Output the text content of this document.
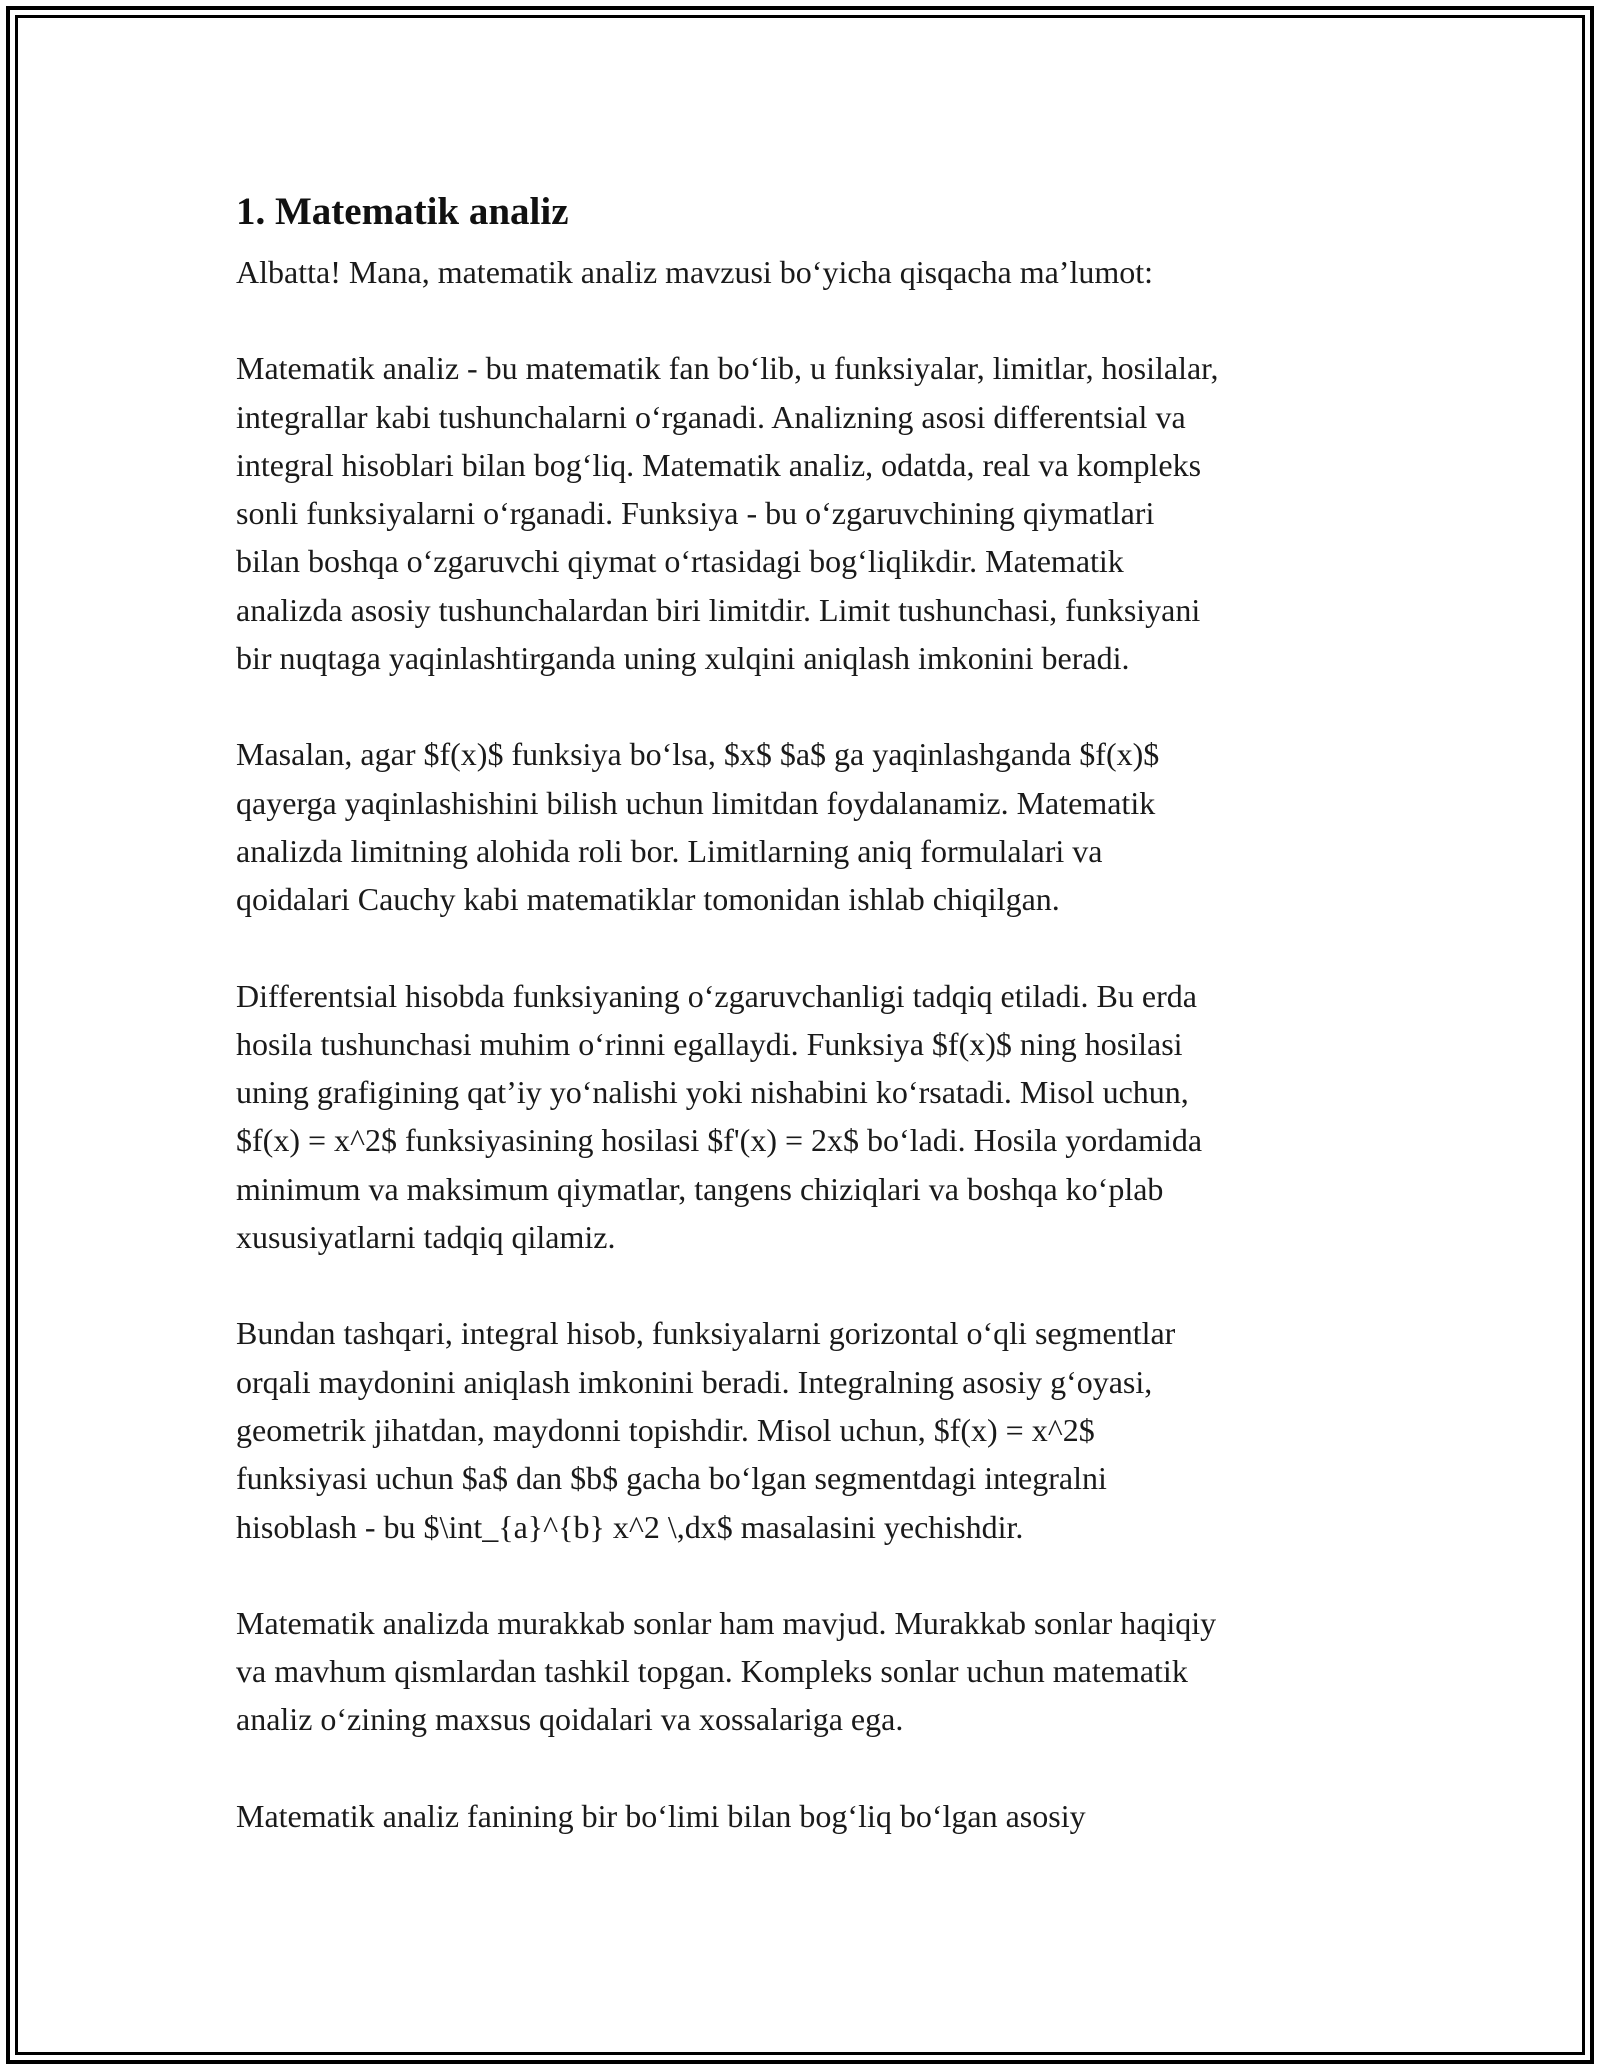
1. Matematik analiz

Albatta! Mana, matematik analiz mavzusi bo‘yicha qisqacha ma’lumot:

Matematik analiz - bu matematik fan bo‘lib, u funksiyalar, limitlar, hosilalar,
integrallar kabi tushunchalarni o‘rganadi. Analizning asosi differentsial va
integral hisoblari bilan bog‘liq. Matematik analiz, odatda, real va kompleks
sonli funksiyalarni o‘rganadi. Funksiya - bu o‘zgaruvchining qiymatlari
bilan boshqa o‘zgaruvchi qiymat o‘rtasidagi bog‘liqlikdir. Matematik
analizda asosiy tushunchalardan biri limitdir. Limit tushunchasi, funksiyani
bir nuqtaga yaqinlashtirganda uning xulqini aniqlash imkonini beradi.

Masalan, agar $f(x)$ funksiya bo‘lsa, $x$ $a$ ga yaqinlashganda $f(x)$
qayerga yaqinlashishini bilish uchun limitdan foydalanamiz. Matematik
analizda limitning alohida roli bor. Limitlarning aniq formulalari va
qoidalari Cauchy kabi matematiklar tomonidan ishlab chiqilgan.

Differentsial hisobda funksiyaning o‘zgaruvchanligi tadqiq etiladi. Bu erda
hosila tushunchasi muhim o‘rinni egallaydi. Funksiya $f(x)$ ning hosilasi
uning grafigining qat’iy yo‘nalishi yoki nishabini ko‘rsatadi. Misol uchun,
$f(x) = x^2$ funksiyasining hosilasi $f'(x) = 2x$ bo‘ladi. Hosila yordamida
minimum va maksimum qiymatlar, tangens chiziqlari va boshqa ko‘plab
xususiyatlarni tadqiq qilamiz.

Bundan tashqari, integral hisob, funksiyalarni gorizontal o‘qli segmentlar
orqali maydonini aniqlash imkonini beradi. Integralning asosiy g‘oyasi,
geometrik jihatdan, maydonni topishdir. Misol uchun, $f(x) = x^2$
funksiyasi uchun $a$ dan $b$ gacha bo‘lgan segmentdagi integralni
hisoblash - bu $\int_{a}^{b} x^2 \,dx$ masalasini yechishdir.

Matematik analizda murakkab sonlar ham mavjud. Murakkab sonlar haqiqiy
va mavhum qismlardan tashkil topgan. Kompleks sonlar uchun matematik
analiz o‘zining maxsus qoidalari va xossalariga ega.

Matematik analiz fanining bir bo‘limi bilan bog‘liq bo‘lgan asosiy
